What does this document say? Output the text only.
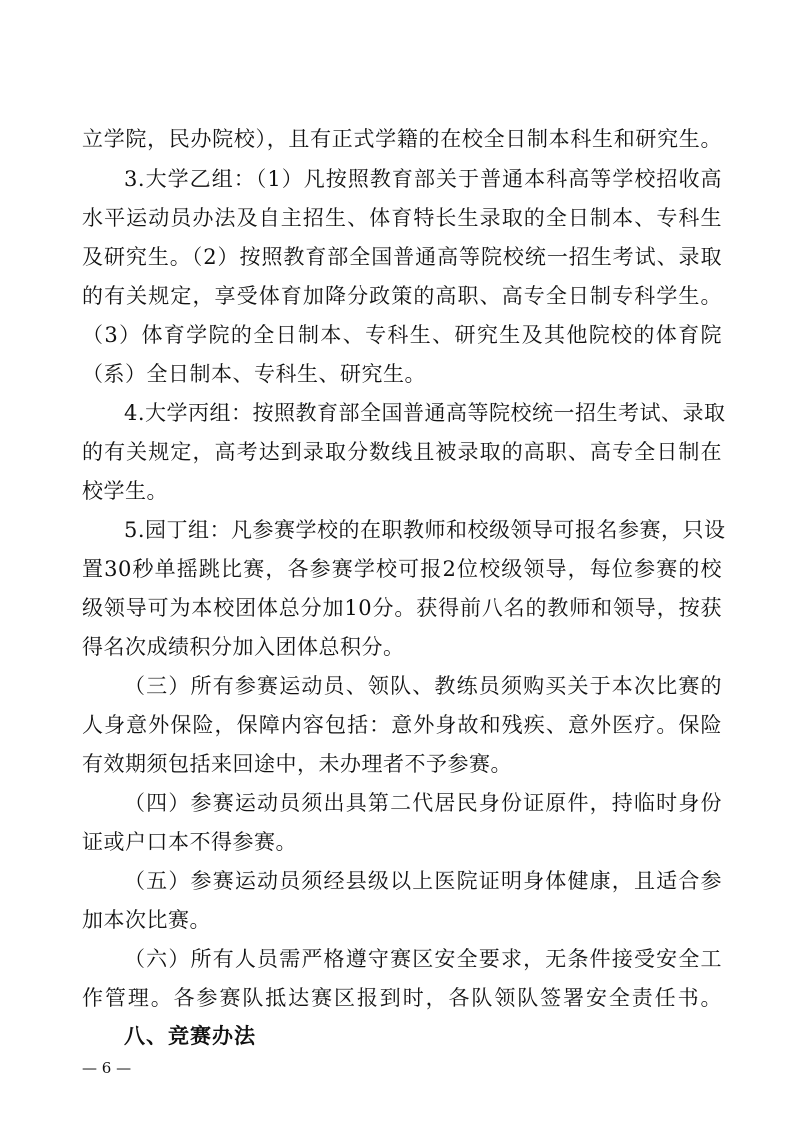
立学院，民办院校），且有正式学籍的在校全日制本科生和研究生。
3.大学乙组：（1）凡按照教育部关于普通本科高等学校招收高
水平运动员办法及自主招生、体育特长生录取的全日制本、专科生
及研究生。（2）按照教育部全国普通高等院校统一招生考试、录取
的有关规定，享受体育加降分政策的高职、高专全日制专科学生。
（3）体育学院的全日制本、专科生、研究生及其他院校的体育院
（系）全日制本、专科生、研究生。
4.大学丙组：按照教育部全国普通高等院校统一招生考试、录取
的有关规定，高考达到录取分数线且被录取的高职、高专全日制在
校学生。
5.园丁组：凡参赛学校的在职教师和校级领导可报名参赛，只设
置30秒单摇跳比赛，各参赛学校可报2位校级领导，每位参赛的校
级领导可为本校团体总分加10分。获得前八名的教师和领导，按获
得名次成绩积分加入团体总积分。
（三）所有参赛运动员、领队、教练员须购买关于本次比赛的
人身意外保险，保障内容包括：意外身故和残疾、意外医疗。保险
有效期须包括来回途中，未办理者不予参赛。
（四）参赛运动员须出具第二代居民身份证原件，持临时身份
证或户口本不得参赛。
（五）参赛运动员须经县级以上医院证明身体健康，且适合参
加本次比赛。
（六）所有人员需严格遵守赛区安全要求，无条件接受安全工
作管理。各参赛队抵达赛区报到时，各队领队签署安全责任书。
八、竞赛办法
— 6 —
